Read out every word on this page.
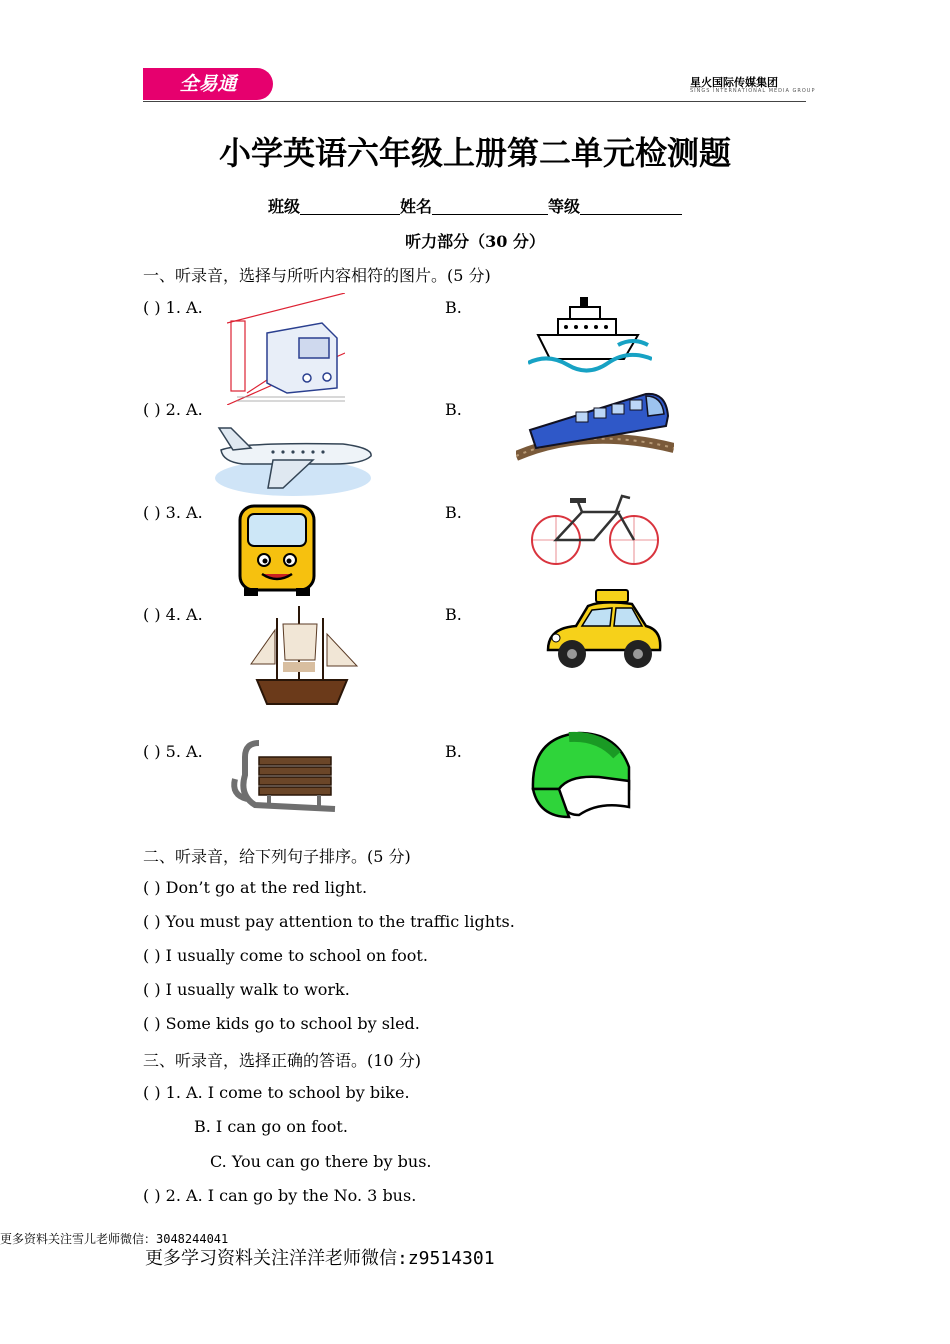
全易通	星火国际传媒集团
SINGS INTERNATIONAL MEDIA GROUP
小学英语六年级上册第二单元检测题
班级	姓名	等级
听力部分（30 分）
一、听录音，选择与所听内容相符的图片。(5 分)
( ) 1. A.	B.
( ) 2. A.	B.
( ) 3. A.	B.
( ) 4. A.	B.
( ) 5. A.	B.
二、听录音，给下列句子排序。(5 分)
( ) Don’t go at the red light.
( ) You must pay attention to the traffic lights.
( ) I usually come to school on foot.
( ) I usually walk to work.
( ) Some kids go to school by sled.
三、听录音，选择正确的答语。(10 分)
( ) 1. A. I come to school by bike.
B. I can go on foot.
C. You can go there by bus.
( ) 2. A. I can go by the No. 3 bus.
更多资料关注雪儿老师微信：3048244041
更多学习资料关注洋洋老师微信:z9514301
